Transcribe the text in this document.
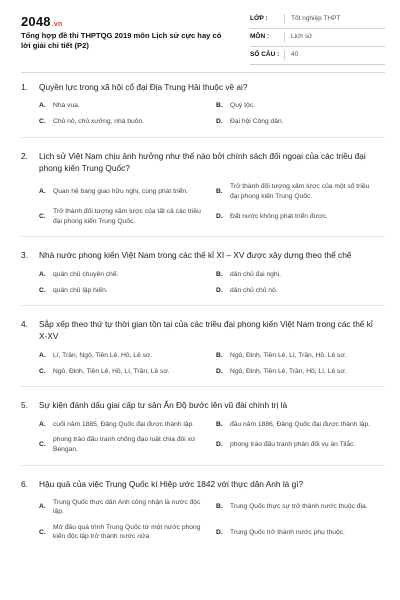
2048.vn
Tổng hợp đề thi THPTQG 2019 môn Lịch sử cực hay có lời giải chi tiết (P2)
LỚP :	Tốt nghiệp THPT
MÔN :	Lịch sử
SỐ CÂU :	40
1.	Quyền lực trong xã hội cổ đại Địa Trung Hải thuộc về ai?
A.	Nhà vua.	B.	Quý tộc.
C.	Chủ nô, chủ xưởng, nhà buôn.	D.	Đại hội Công dân.
2.	Lịch sử Việt Nam chịu ảnh hưởng như thế nào bởi chính sách đối ngoại của các triều đại phong kiến Trung Quốc?
A.	Quan hệ bang giao hữu nghị, cùng phát triển.	B.
Trở thành đối tượng xâm lược của một số triều đại phong kiến Trung Quốc.
C.
Trở thành đối tượng xâm lược của tất cả các triều đại phong kiến Trung Quốc.
D.	Đất nước không phát triển được.
3.	Nhà nước phong kiến Việt Nam trong các thế kỉ XI – XV được xây dựng theo thể chế
A.	quân chủ chuyên chế.	B.	dân chủ đại nghị.
C.	quân chủ lập hiến.	D.	dân chủ chủ nô.
4.	Sắp xếp theo thứ tự thời gian tồn tại của các triều đại phong kiến Việt Nam trong các thế kỉ X-XV
A.	Lí, Trần, Ngô, Tiền Lê, Hồ, Lê sơ.	B.	Ngô, Đinh, Tiền Lê, Lí, Trần, Hồ, Lê sơ.
C.	Ngô, Đinh, Tiền Lê, Hồ, Lí, Trần, Lê sơ.	D.	Ngô, Đinh, Tiền Lê, Trần, Hồ, Lí, Lê sơ.
5.	Sự kiện đánh dấu giai cấp tư sản Ấn Độ bước lên vũ đài chính trị là
A.	cuối năm 1885, Đảng Quốc đại được thành lập.	B.	đầu năm 1886, Đảng Quốc đại được thành lập.
C.
phong trào đấu tranh chống đạo luật chia đôi xứ Bengan.
D.	phong trào đấu tranh phản đối vụ án Tilắc.
6.	Hậu quả của việc Trung Quốc kí Hiệp ước 1842 với thực dân Anh là gì?
A.
Trung Quốc thực dân Anh công nhận là nước độc lập.
B.	Trung Quốc thực sự trở thành nước thuộc địa.
C.
Mở đầu quá trình Trung Quốc từ một nước phong kiến độc lập trở thành nước nửa
D.	Trung Quốc trở thành nước phụ thuộc.
